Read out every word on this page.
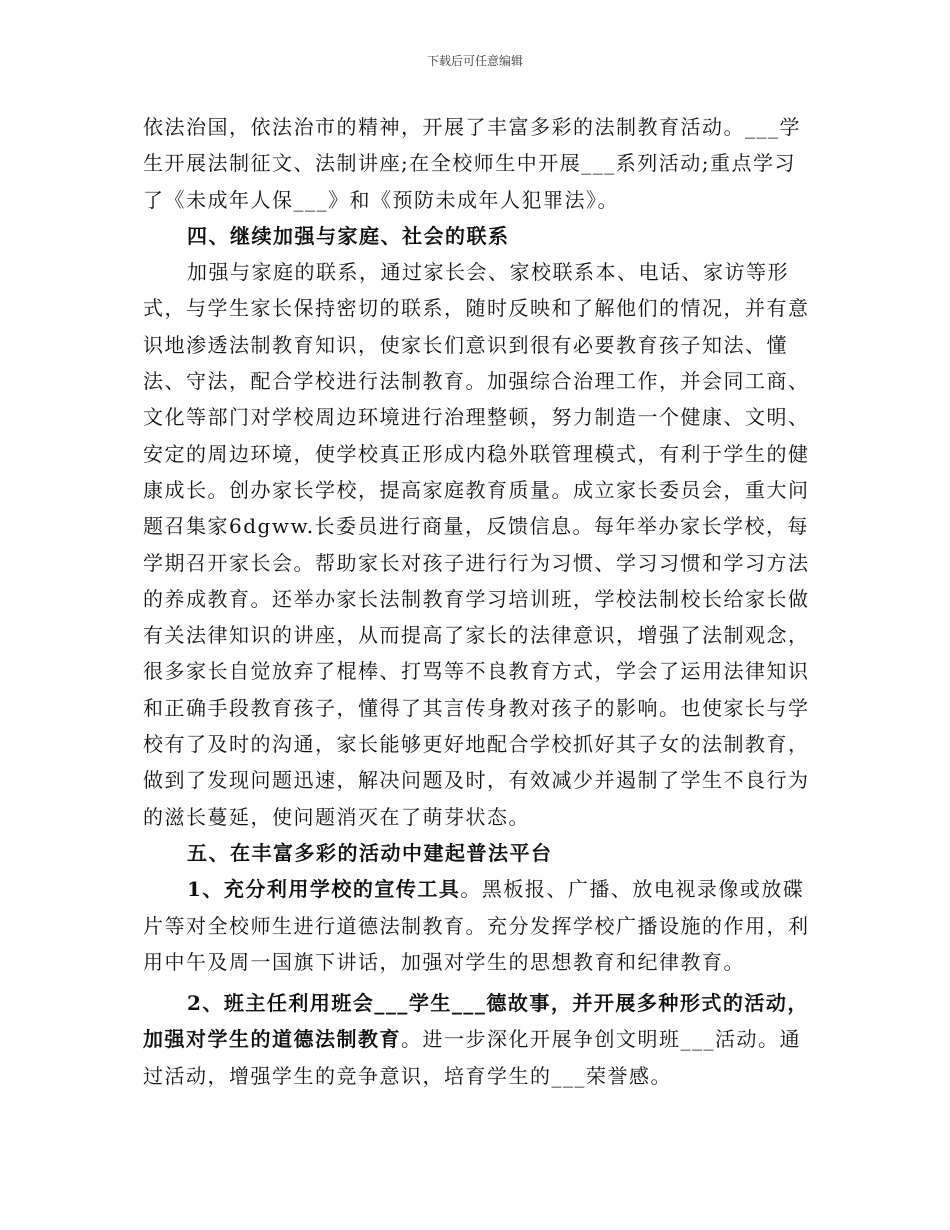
下载后可任意编辑

依法治国，依法治市的精神，开展了丰富多彩的法制教育活动。___学生开展法制征文、法制讲座;在全校师生中开展___系列活动;重点学习了《未成年人保___》和《预防未成年人犯罪法》。

四、继续加强与家庭、社会的联系

加强与家庭的联系，通过家长会、家校联系本、电话、家访等形式，与学生家长保持密切的联系，随时反映和了解他们的情况，并有意识地渗透法制教育知识，使家长们意识到很有必要教育孩子知法、懂法、守法，配合学校进行法制教育。加强综合治理工作，并会同工商、文化等部门对学校周边环境进行治理整顿，努力制造一个健康、文明、安定的周边环境，使学校真正形成内稳外联管理模式，有利于学生的健康成长。创办家长学校，提高家庭教育质量。成立家长委员会，重大问题召集家6dgww.长委员进行商量，反馈信息。每年举办家长学校，每学期召开家长会。帮助家长对孩子进行行为习惯、学习习惯和学习方法的养成教育。还举办家长法制教育学习培训班，学校法制校长给家长做有关法律知识的讲座，从而提高了家长的法律意识，增强了法制观念，很多家长自觉放弃了棍棒、打骂等不良教育方式，学会了运用法律知识和正确手段教育孩子，懂得了其言传身教对孩子的影响。也使家长与学校有了及时的沟通，家长能够更好地配合学校抓好其子女的法制教育，做到了发现问题迅速，解决问题及时，有效减少并遏制了学生不良行为的滋长蔓延，使问题消灭在了萌芽状态。

五、在丰富多彩的活动中建起普法平台

1、充分利用学校的宣传工具。黑板报、广播、放电视录像或放碟片等对全校师生进行道德法制教育。充分发挥学校广播设施的作用，利用中午及周一国旗下讲话，加强对学生的思想教育和纪律教育。

2、班主任利用班会___学生___德故事，并开展多种形式的活动，加强对学生的道德法制教育。进一步深化开展争创文明班___活动。通过活动，增强学生的竞争意识，培育学生的___荣誉感。
